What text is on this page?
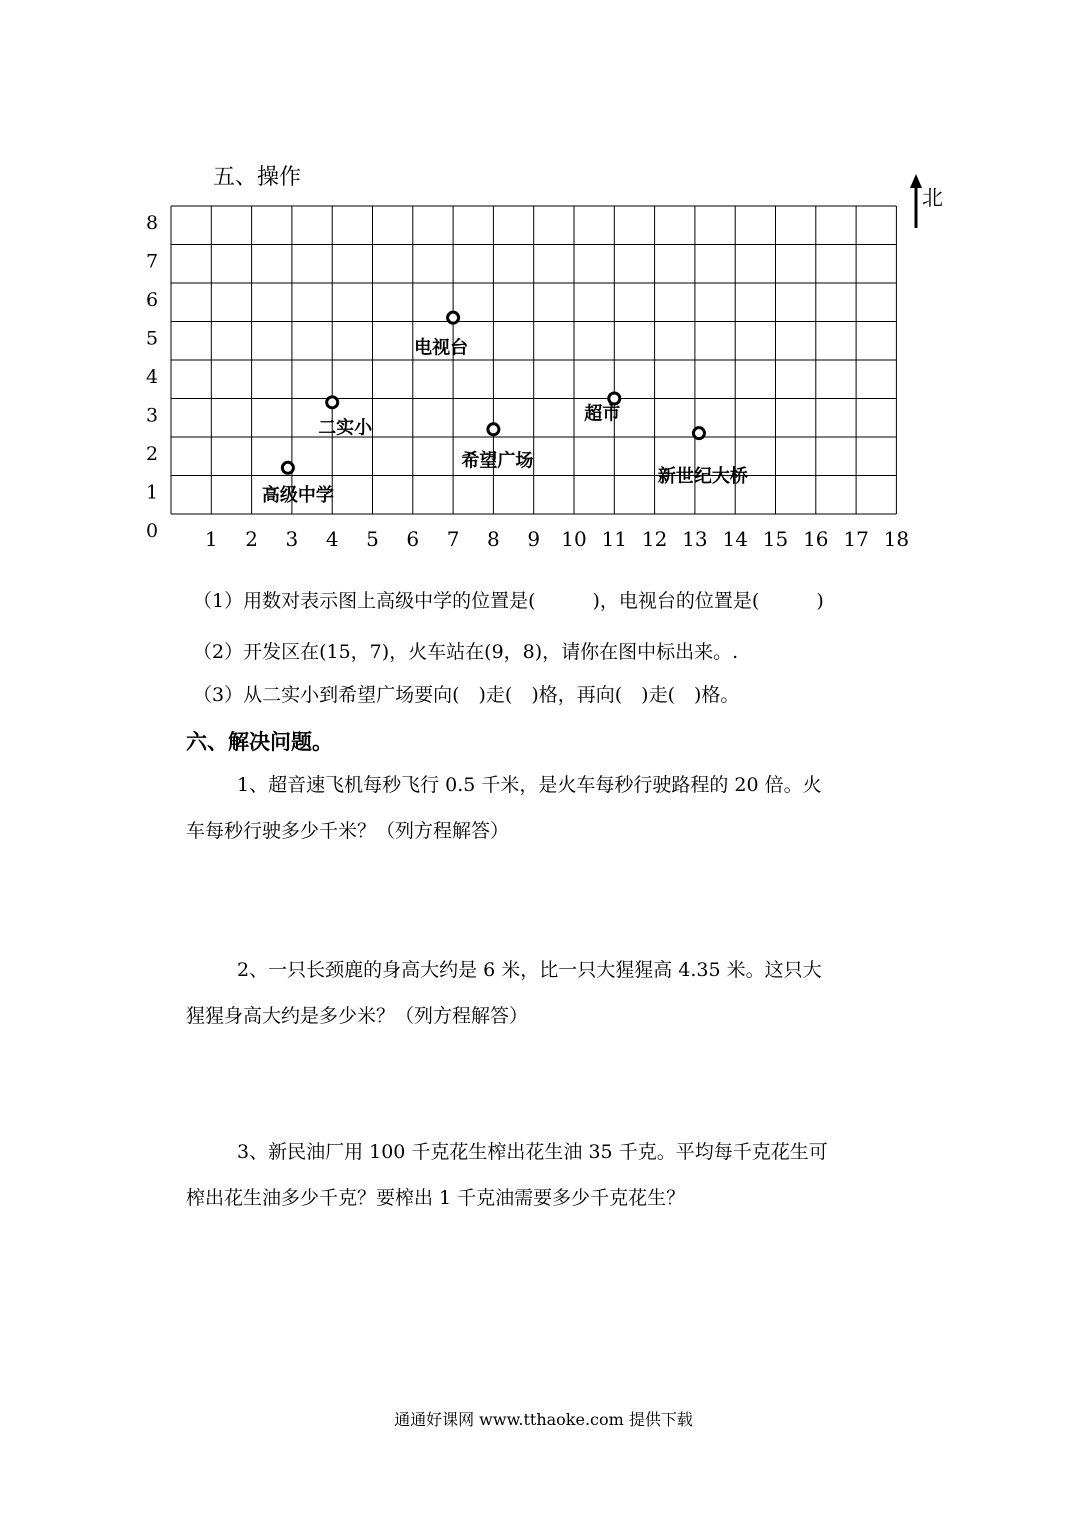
五、操作
北
1 2 3 4 5 6 7 8 9 10 11 12 13 14 15 16 17 18
0
1
2
3
4
5
6
7
8
高级中学
二实小
电视台
希望广场
超市
新世纪大桥
（1）用数对表示图上高级中学的位置是(　　　)，电视台的位置是(　　　)
（2）开发区在(15，7)，火车站在(9，8)，请你在图中标出来。.
（3）从二实小到希望广场要向(　)走(　)格，再向(　)走(　)格。
六、解决问题。
1、超音速飞机每秒飞行 0.5 千米，是火车每秒行驶路程的 20 倍。火
车每秒行驶多少千米？（列方程解答）
2、一只长颈鹿的身高大约是 6 米，比一只大猩猩高 4.35 米。这只大
猩猩身高大约是多少米？（列方程解答）
3、新民油厂用 100 千克花生榨出花生油 35 千克。平均每千克花生可
榨出花生油多少千克？要榨出 1 千克油需要多少千克花生？
通通好课网 www.tthaoke.com 提供下载
